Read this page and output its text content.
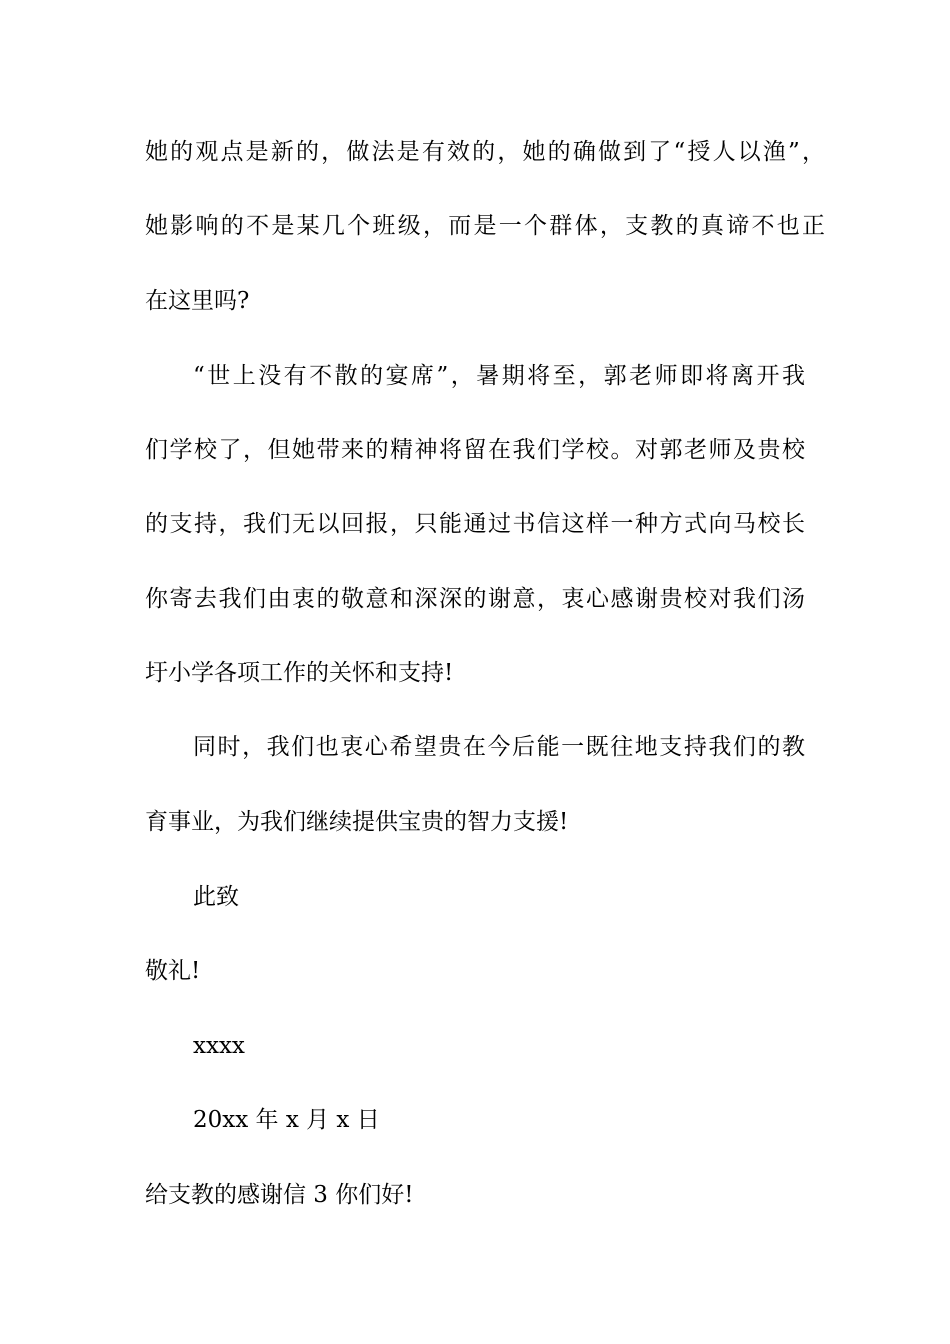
她的观点是新的，做法是有效的，她的确做到了“授人以渔”，

她影响的不是某几个班级，而是一个群体，支教的真谛不也正

在这里吗?

“世上没有不散的宴席”，暑期将至，郭老师即将离开我

们学校了，但她带来的精神将留在我们学校。对郭老师及贵校

的支持，我们无以回报，只能通过书信这样一种方式向马校长

你寄去我们由衷的敬意和深深的谢意，衷心感谢贵校对我们汤

圩小学各项工作的关怀和支持!

同时，我们也衷心希望贵在今后能一既往地支持我们的教

育事业，为我们继续提供宝贵的智力支援!

此致

敬礼!

xxxx

20xx 年 x 月 x 日

给支教的感谢信 3 你们好!
